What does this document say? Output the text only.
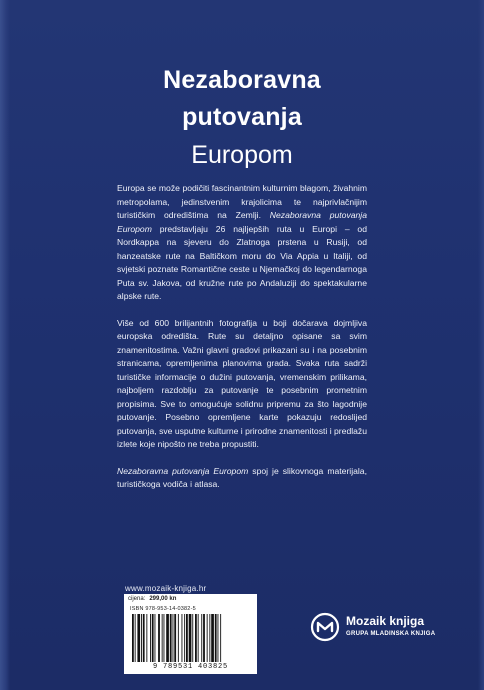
Nezaboravna
putovanja
Europom

Europa se može podičiti fascinantnim kulturnim blagom, živahnim metropolama, jedinstvenim krajolicima te najprivlačnijim turističkim odredištima na Zemlji. Nezaboravna putovanja Europom predstavljaju 26 najljepših ruta u Europi – od Nordkappa na sjeveru do Zlatnoga prstena u Rusiji, od hanzeatske rute na Baltičkom moru do Via Appia u Italiji, od svjetski poznate Romantične ceste u Njemačkoj do legendarnoga Puta sv. Jakova, od kružne rute po Andaluziji do spektakularne alpske rute.

Više od 600 brilijantnih fotografija u boji dočarava dojmljiva europska odredišta. Rute su detaljno opisane sa svim znamenitostima. Važni glavni gradovi prikazani su i na posebnim stranicama, opremljenima planovima grada. Svaka ruta sadrži turističke informacije o dužini putovanja, vremenskim prilikama, najboljem razdoblju za putovanje te posebnim prometnim propisima. Sve to omogućuje solidnu pripremu za što lagodnije putovanje. Posebno opremljene karte pokazuju redoslijed putovanja, sve usputne kulturne i prirodne znamenitosti i predlažu izlete koje nipošto ne treba propustiti.

Nezaboravna putovanja Europom spoj je slikovnoga materijala, turističkoga vodiča i atlasa.

www.mozaik-knjiga.hr
cijena: 299,00 kn
ISBN 978-953-14-0382-5
9 789531 403825
Mozaik knjiga
GRUPA MLADINSKA KNJIGA
